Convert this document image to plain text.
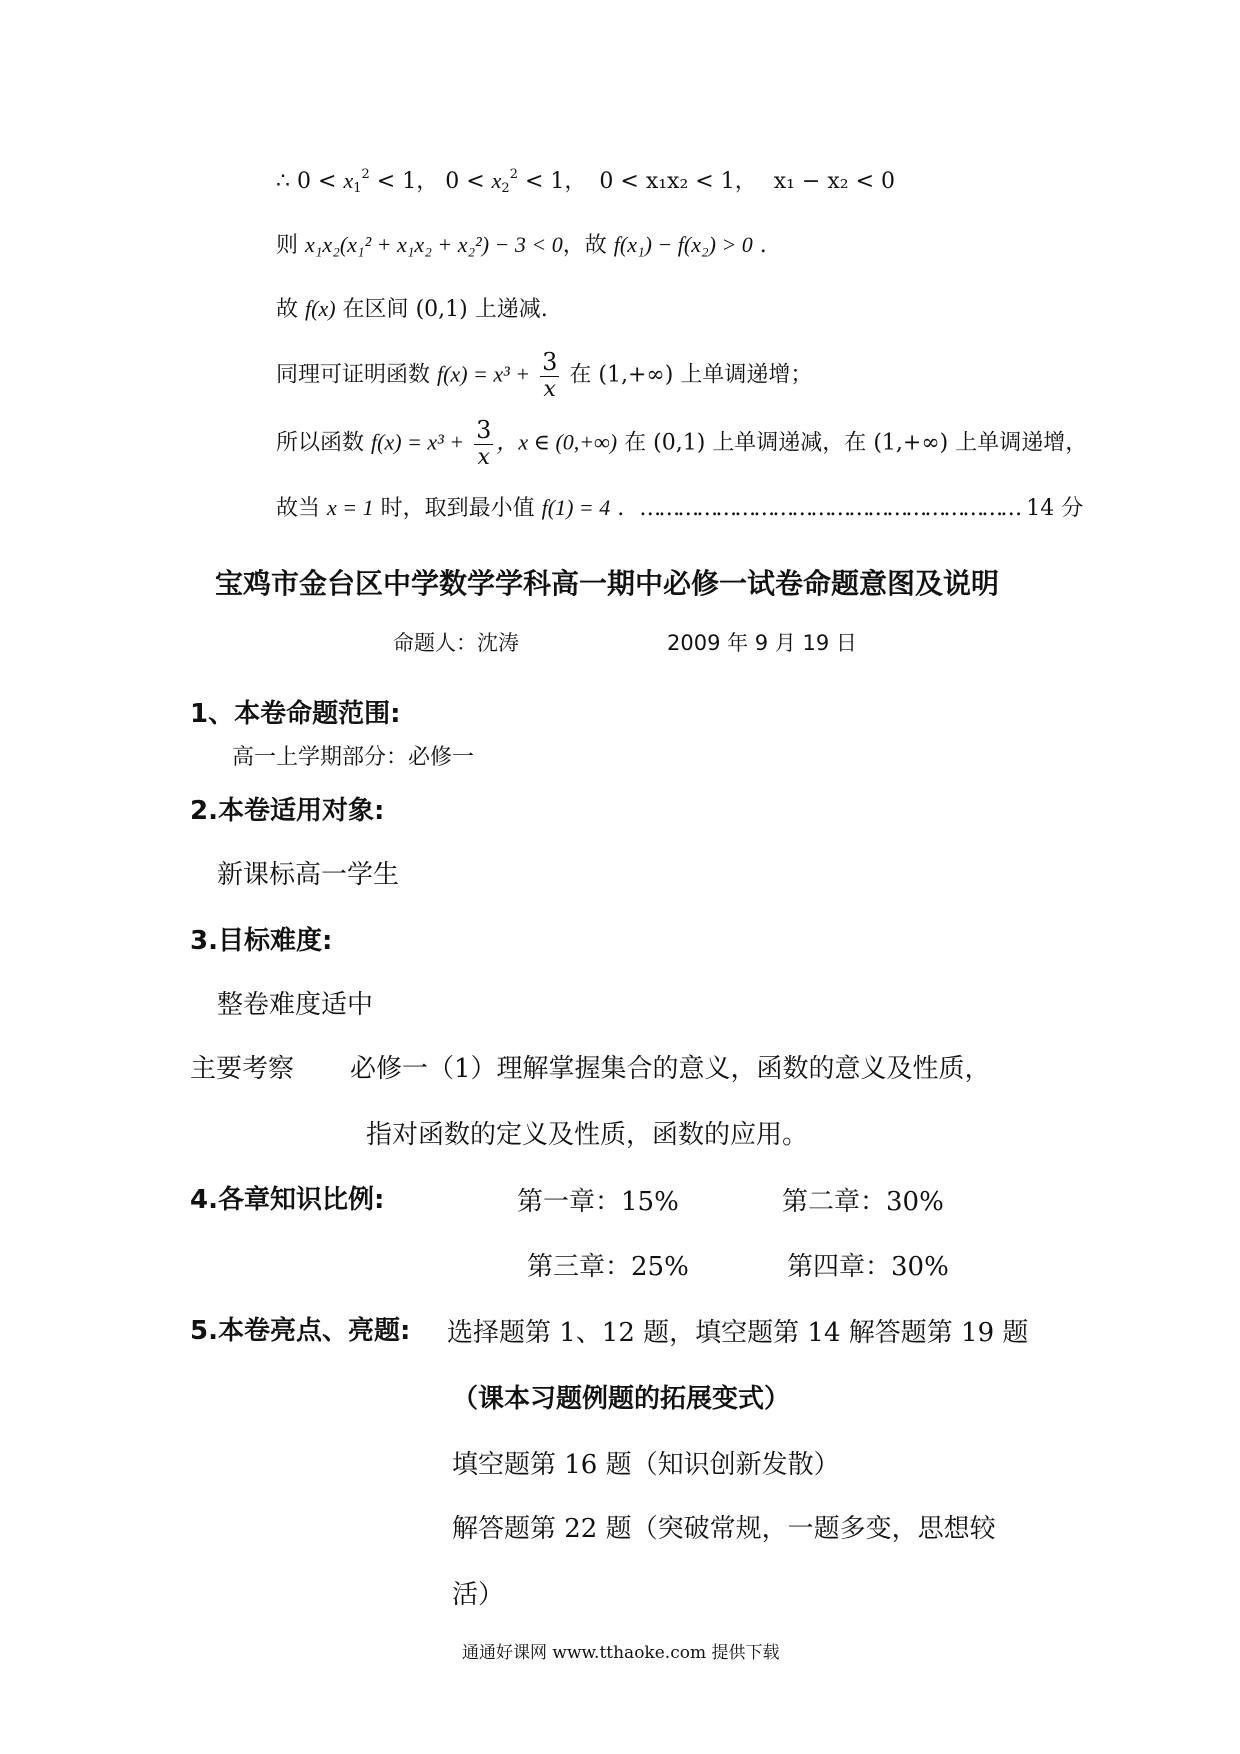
∴ $0 < x_1^2 < 1$， $0 < x_2^2 < 1$， 0 < x₁x₂ < 1， x₁ − x₂ < 0
则 x₁x₂(x₁² + x₁x₂ + x₂²) − 3 < 0，故 f(x₁) − f(x₂) > 0 .
故 f(x) 在区间 (0,1) 上递减.
同理可证明函数 $f(x) = x^3 + \frac{3}{x}$ 在 (1,+∞) 上单调递增；
所以函数 $f(x) = x^3 + \frac{3}{x}$ ，x ∈ (0,+∞) 在 (0,1) 上单调递减，在 (1,+∞) 上单调递增，
故当 x = 1 时，取到最小值 f(1) = 4 . …………………………………………………… 14 分
宝鸡市金台区中学数学学科高一期中必修一试卷命题意图及说明
命题人：沈涛	2009 年 9 月 19 日
1、本卷命题范围:
高一上学期部分：必修一
2.本卷适用对象:
新课标高一学生
3.目标难度:
整卷难度适中
主要考察 必修一（1）理解掌握集合的意义，函数的意义及性质，
指对函数的定义及性质，函数的应用。
4.各章知识比例:	第一章：15%	第二章：30%
第三章：25%	第四章：30%
5.本卷亮点、亮题: 选择题第 1、12 题，填空题第 14 解答题第 19 题
（课本习题例题的拓展变式）
填空题第 16 题（知识创新发散）
解答题第 22 题（突破常规，一题多变，思想较
活）
通通好课网 www.tthaoke.com 提供下载
